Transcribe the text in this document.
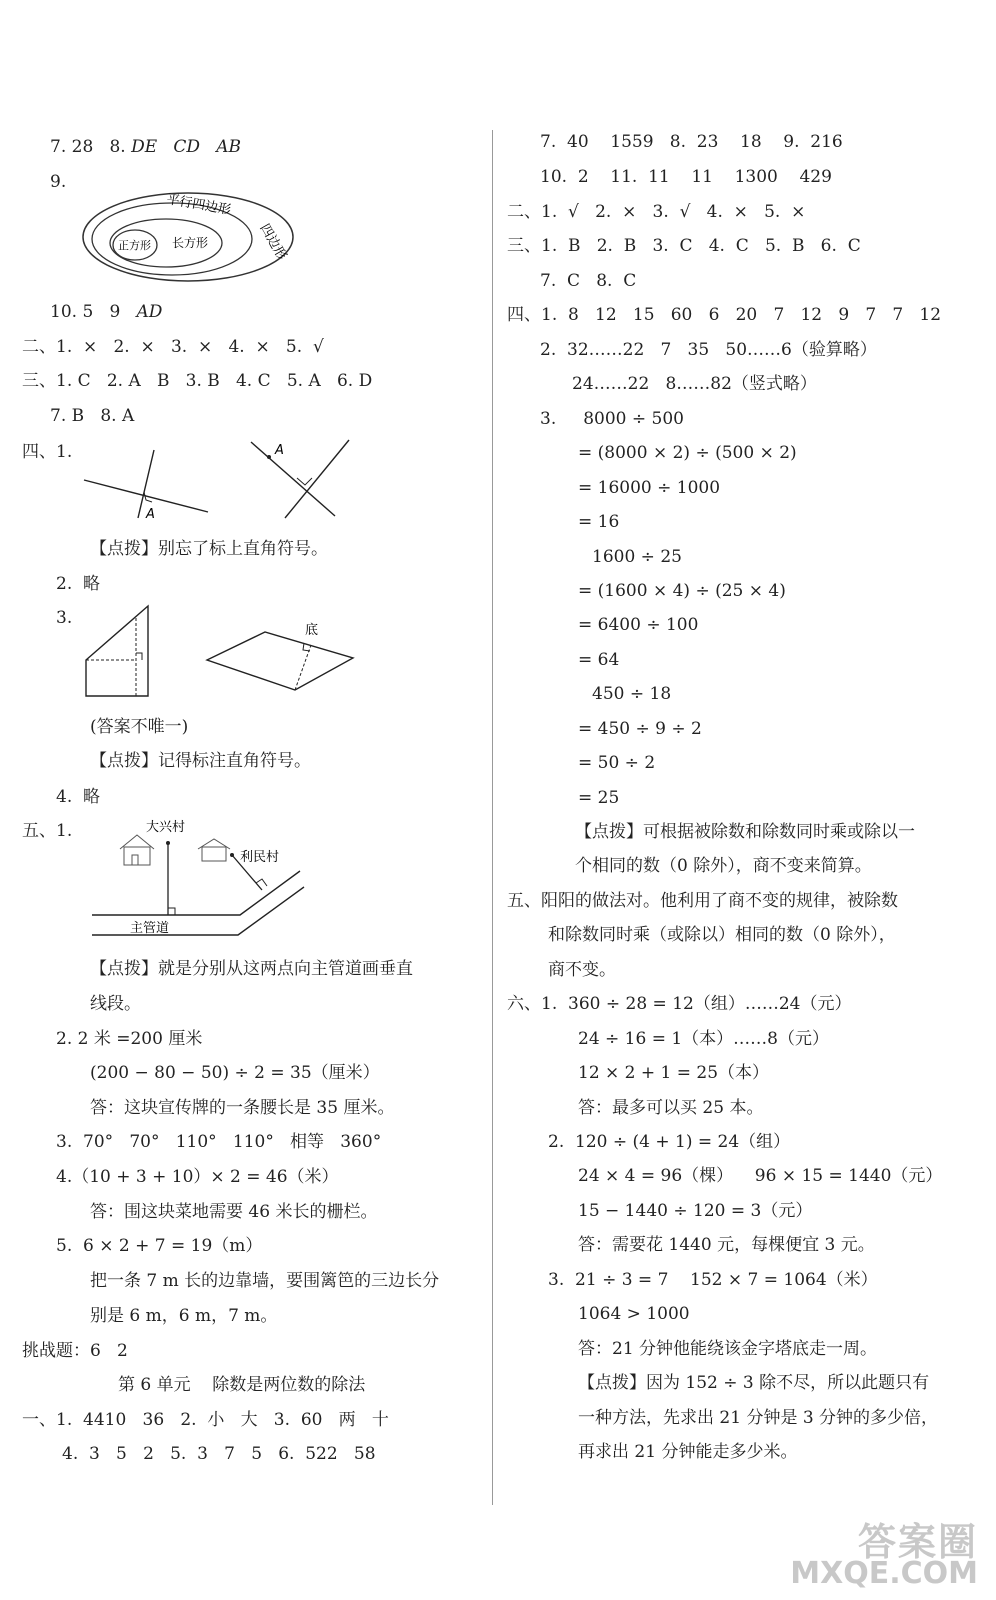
7. 28   8. DE   CD   AB
9.
四边形
平行四边形
长方形
正方形
10. 5   9 AD
二、1.  ×   2.  ×   3.  ×   4.  ×   5.  √
三、1. C   2. A   B   3. B   4. C   5. A   6. D
7. B   8. A
四、1.
A
A
【点拨】别忘了标上直角符号。
2.  略
3.
底
(答案不唯一)
【点拨】记得标注直角符号。
4.  略
五、1.	大兴村
利民村
主管道
【点拨】就是分别从这两点向主管道画垂直
线段。
2. 2 米 =200 厘米
(200 − 80 − 50) ÷ 2 = 35（厘米）
答：这块宣传牌的一条腰长是 35 厘米。
3.  70°   70°   110°   110°   相等   360°
4.（10 + 3 + 10）× 2 = 46（米）
答：围这块菜地需要 46 米长的栅栏。
5.  6 × 2 + 7 = 19（m）
把一条 7 m 长的边靠墙，要围篱笆的三边长分
别是 6 m，6 m，7 m。
挑战题：6   2
第 6 单元    除数是两位数的除法
一、1.  4410   36   2.  小   大   3.  60   两   十
4.  3   5   2   5.  3   7   5   6.  522   58
7.  40    1559   8.  23    18    9.  216
10.  2    11.  11    11    1300    429
二、1.  √   2.  ×   3.  √   4.  ×   5.  ×
三、1.  B   2.  B   3.  C   4.  C   5.  B   6.  C
7.  C   8.  C
四、1.  8   12   15   60   6   20   7   12   9   7   7   12
2.  32……22   7   35   50……6（验算略）
24……22   8……82（竖式略）
3.     8000 ÷ 500
= (8000 × 2) ÷ (500 × 2)
= 16000 ÷ 1000
= 16
1600 ÷ 25
= (1600 × 4) ÷ (25 × 4)
= 6400 ÷ 100
= 64
450 ÷ 18
= 450 ÷ 9 ÷ 2
= 50 ÷ 2
= 25
【点拨】可根据被除数和除数同时乘或除以一
个相同的数（0 除外），商不变来简算。
五、阳阳的做法对。他利用了商不变的规律，被除数
和除数同时乘（或除以）相同的数（0 除外），
商不变。
六、1.  360 ÷ 28 = 12（组）……24（元）
24 ÷ 16 = 1（本）……8（元）
12 × 2 + 1 = 25（本）
答：最多可以买 25 本。
2.  120 ÷ (4 + 1) = 24（组）
24 × 4 = 96（棵）    96 × 15 = 1440（元）
15 − 1440 ÷ 120 = 3（元）
答：需要花 1440 元，每棵便宜 3 元。
3.  21 ÷ 3 = 7    152 × 7 = 1064（米）
1064 > 1000
答：21 分钟他能绕该金字塔底走一周。
【点拨】因为 152 ÷ 3 除不尽，所以此题只有
一种方法，先求出 21 分钟是 3 分钟的多少倍，
再求出 21 分钟能走多少米。
答案圈
MXQE.COM
